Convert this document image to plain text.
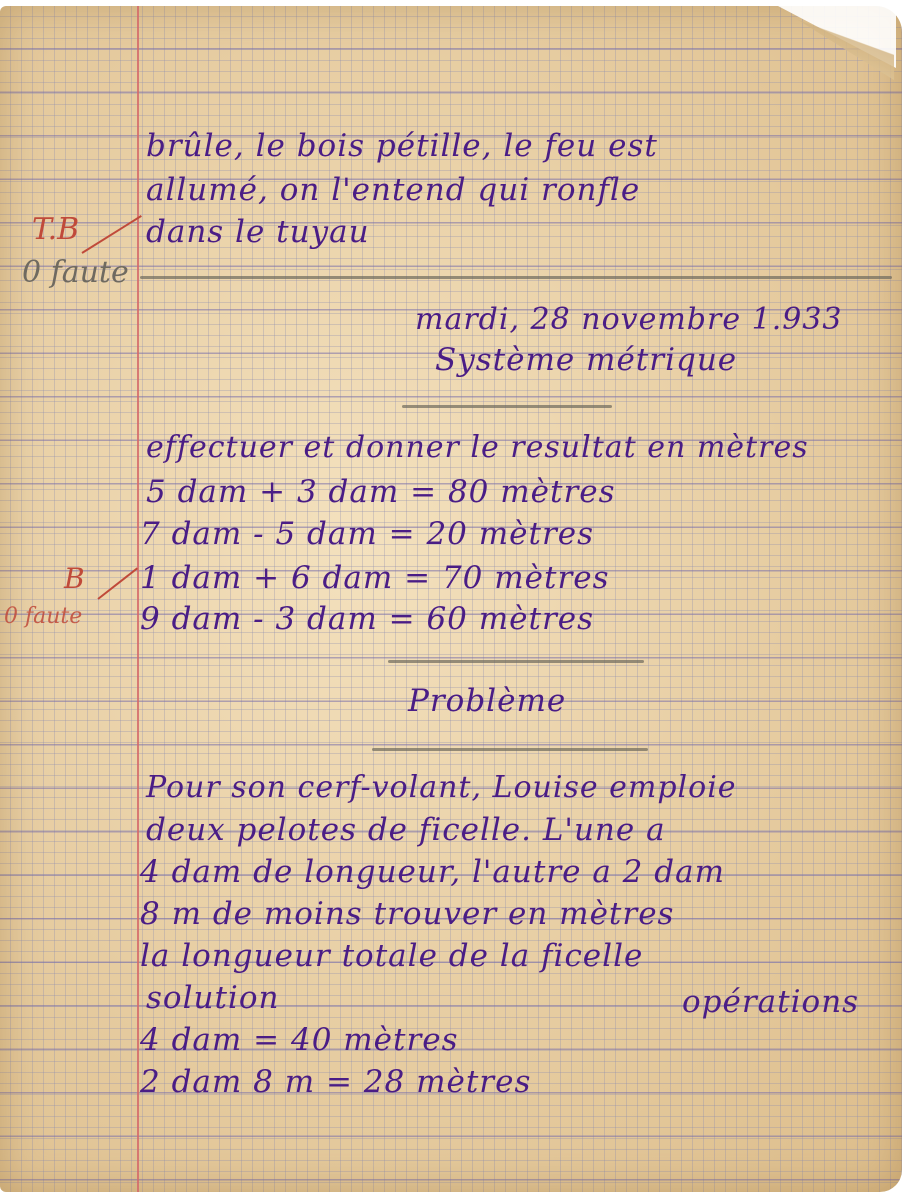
brûle, le bois pétille, le feu est
allumé, on l'entend qui ronfle
dans le tuyau
T.B
0 faute
mardi, 28 novembre 1.933
Système métrique
effectuer et donner le resultat en mètres
5 dam + 3 dam = 80 mètres
7 dam - 5 dam = 20 mètres
1 dam + 6 dam = 70 mètres
9 dam - 3 dam = 60 mètres
B
0 faute
Problème
Pour son cerf-volant, Louise emploie
deux pelotes de ficelle. L'une a
4 dam de longueur, l'autre a 2 dam
8 m de moins trouver en mètres
la longueur totale de la ficelle
solution	opérations
4 dam = 40 mètres
2 dam 8 m = 28 mètres
